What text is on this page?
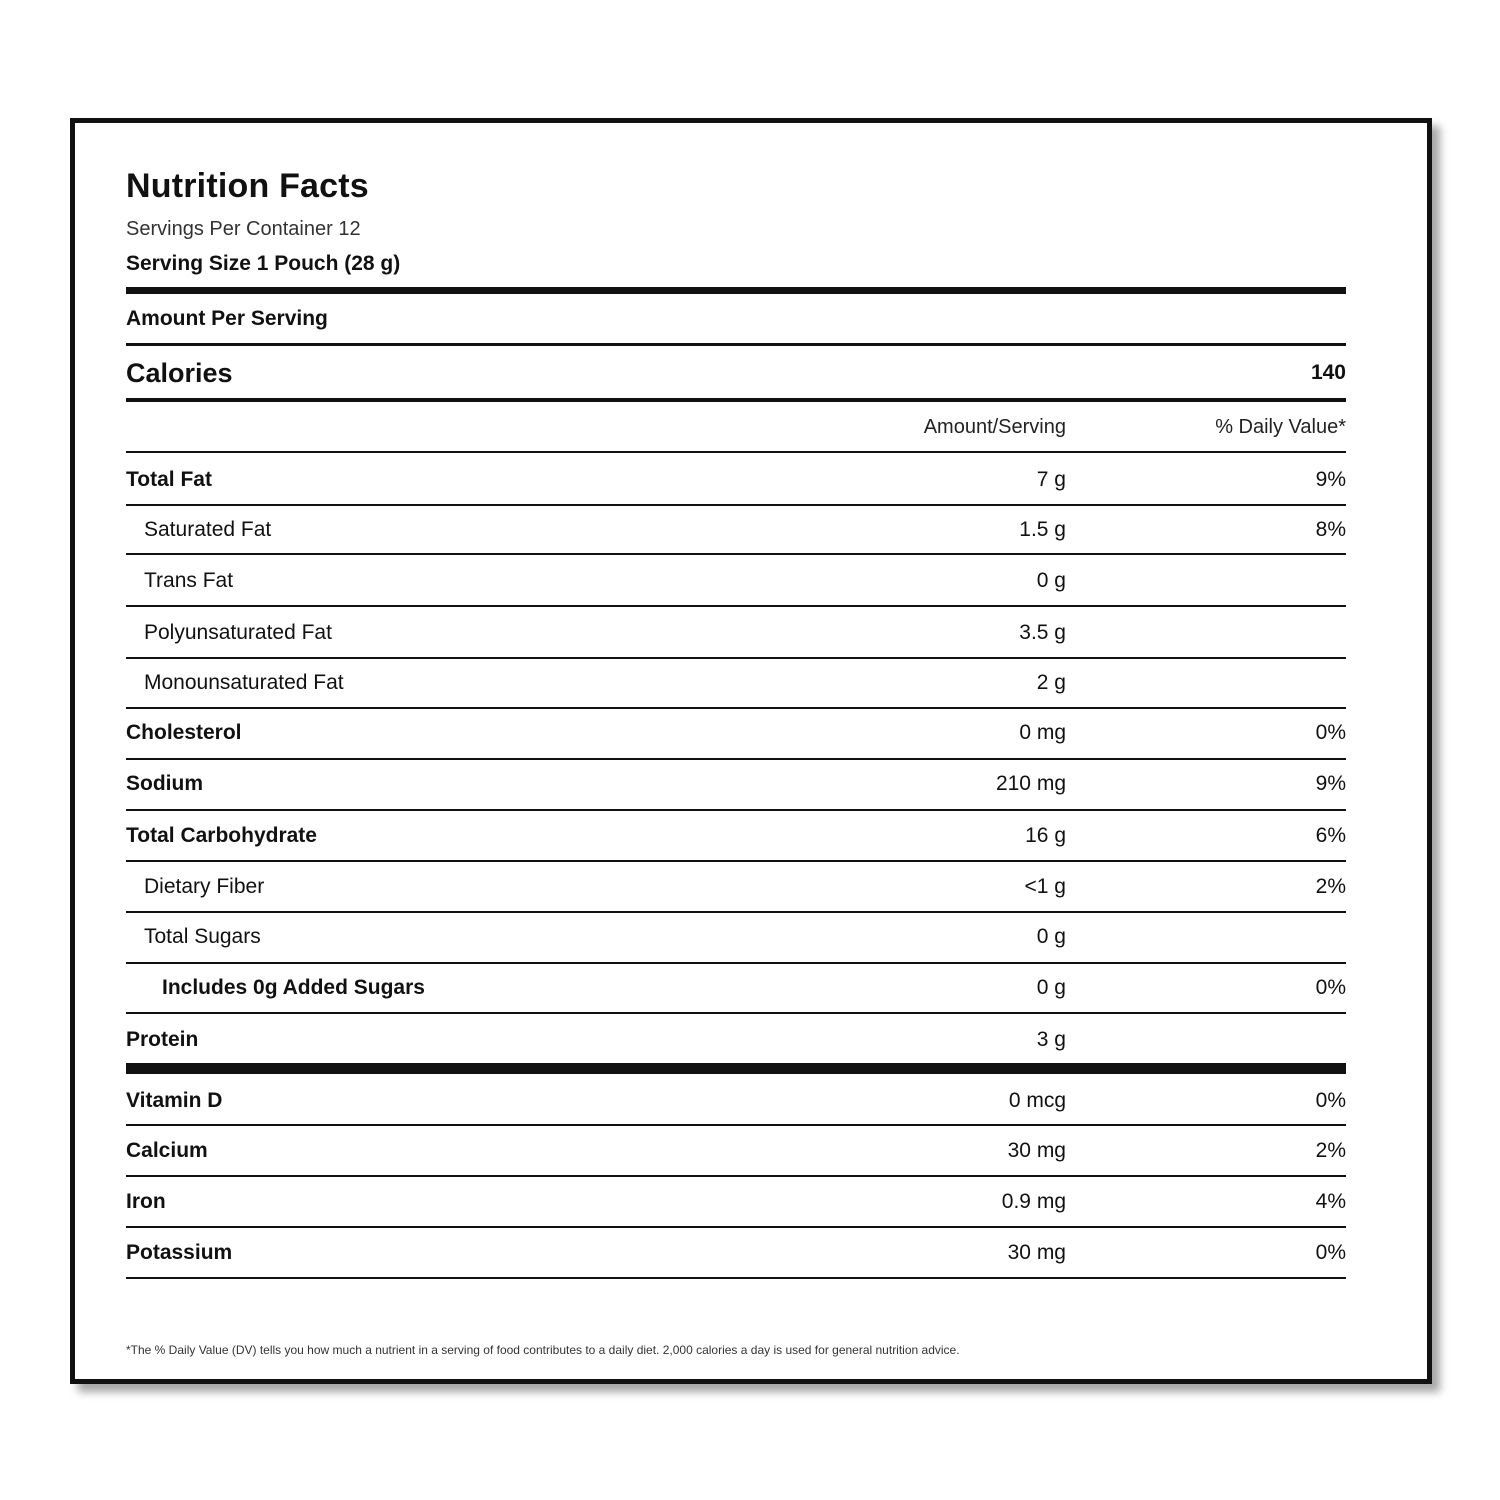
Nutrition Facts
Servings Per Container 12
Serving Size 1 Pouch (28 g)
Amount Per Serving
Calories	140
Amount/Serving	% Daily Value*
Total Fat	7 g	9%
Saturated Fat	1.5 g	8%
Trans Fat	0 g
Polyunsaturated Fat	3.5 g
Monounsaturated Fat	2 g
Cholesterol	0 mg	0%
Sodium	210 mg	9%
Total Carbohydrate	16 g	6%
Dietary Fiber	<1 g	2%
Total Sugars	0 g
Includes 0g Added Sugars	0 g	0%
Protein	3 g
Vitamin D	0 mcg	0%
Calcium	30 mg	2%
Iron	0.9 mg	4%
Potassium	30 mg	0%
*The % Daily Value (DV) tells you how much a nutrient in a serving of food contributes to a daily diet. 2,000 calories a day is used for general nutrition advice.
